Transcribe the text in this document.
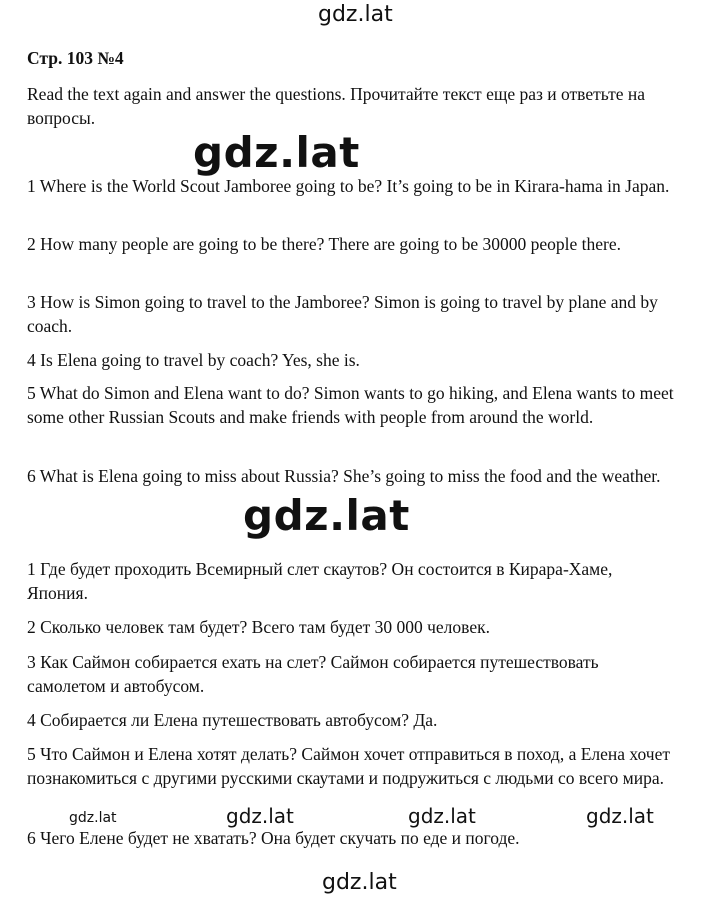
gdz.lat
Стр. 103 №4

Read the text again and answer the questions. Прочитайте текст еще раз и ответьте на вопросы.

gdz.lat

1 Where is the World Scout Jamboree going to be? It’s going to be in Kirara-hama in Japan.

2 How many people are going to be there? There are going to be 30000 people there.

3 How is Simon going to travel to the Jamboree? Simon is going to travel by plane and by coach.

4 Is Elena going to travel by coach? Yes, she is.

5 What do Simon and Elena want to do? Simon wants to go hiking, and Elena wants to meet some other Russian Scouts and make friends with people from around the world.

6 What is Elena going to miss about Russia? She’s going to miss the food and the weather.

gdz.lat

1 Где будет проходить Всемирный слет скаутов? Он состоится в Кирара-Хаме, Япония.

2 Сколько человек там будет? Всего там будет 30 000 человек.

3 Как Саймон собирается ехать на слет? Саймон собирается путешествовать самолетом и автобусом.

4 Собирается ли Елена путешествовать автобусом? Да.

5 Что Саймон и Елена хотят делать? Саймон хочет отправиться в поход, а Елена хочет познакомиться с другими русскими скаутами и подружиться с людьми со всего мира.

gdz.lat	gdz.lat	gdz.lat	gdz.lat

6 Чего Елене будет не хватать? Она будет скучать по еде и погоде.

gdz.lat
